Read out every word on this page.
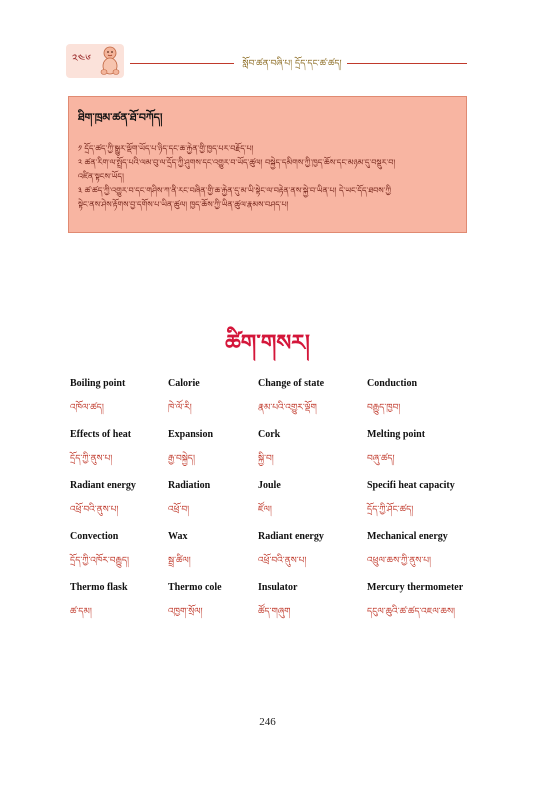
༢༤༦	སློབ་ཚན་བཞི་པ། དྲོད་དང་ཚ་ཚད།
ཐིག་ཁྲམ་ཚན་ཐོ་བཀོད།

༡ དྲོད་ཚད་ཀྱི་སྒྱུར་ལྡོག་ཡོད་པ་ཉིད་དང་ཆ་རྐྱེན་གྱི་ཁྱད་པར་བརྗོད་པ།

༢ ཚན་རིག་ལ་སྤྲོད་པའི་ལམ་བུ་ལ་དྲོད་ཀྱི་ཤུགས་དང་འགྱུར་བ་ཡོད་ཚུལ། བསྐྱེད་དམིགས་ཀྱི་ཁྱད་ཆོས་དང་མཉམ་དུ་བསྡུར་བ།

འཛིན་སྟངས་ཡོད།

༣ ཚ་ཚད་ཀྱི་འགྱུར་བ་དང་གཤིས་ཀ་ནི་རང་བཞིན་གྱི་ཆ་རྐྱེན་དུ་མ་ཡི་སྟེང་ལ་བརྟེན་ནས་སྐྱེ་བ་ཡིན་པ། དེ་ཡང་དོད་ཐབས་ཀྱི

སྟེང་ནས་ཤེས་རྟོགས་བྱ་དགོས་པ་ཡིན་ཚུལ། ཁྱད་ཆོས་ཀྱི་ཡིན་ཚུལ་རྣམས་བཤད་པ།

ཚིག་གསར།
Boiling point
འཁོལ་ཚད།
Calorie
ཁེ་ལོ་རི།
Change of state
རྣམ་པའི་འགྱུར་ལྡོག
Conduction
བརྒྱུད་ཁྱབ།
Effects of heat
དྲོད་ཀྱི་ནུས་པ།
Expansion
རྒྱ་བསྐྱེད།
Cork
སྐྱི་བ།
Melting point
བཞུ་ཚད།
Radiant energy
འཕྲོ་བའི་ནུས་པ།
Radiation
འཕྲོ་བ།
Joule
ཛོལ།
Specifi heat capacity
དྲོད་ཀྱི་ཤོང་ཚད།
Convection
དྲོད་ཀྱི་འཁོར་བརྒྱུད།
Wax
སྦྲ་ཚིལ།
Radiant energy
འཕྲོ་བའི་ནུས་པ།
Mechanical energy
འཕྲུལ་ཆས་ཀྱི་ནུས་པ།
Thermo flask
ཚ་དམ།
Thermo cole
འཁྱག་སྲོལ།
Insulator
ཚོད་གཞུག
Mercury thermometer
དངུལ་ཆུའི་ཚ་ཚད་འཇལ་ཆས།
246
